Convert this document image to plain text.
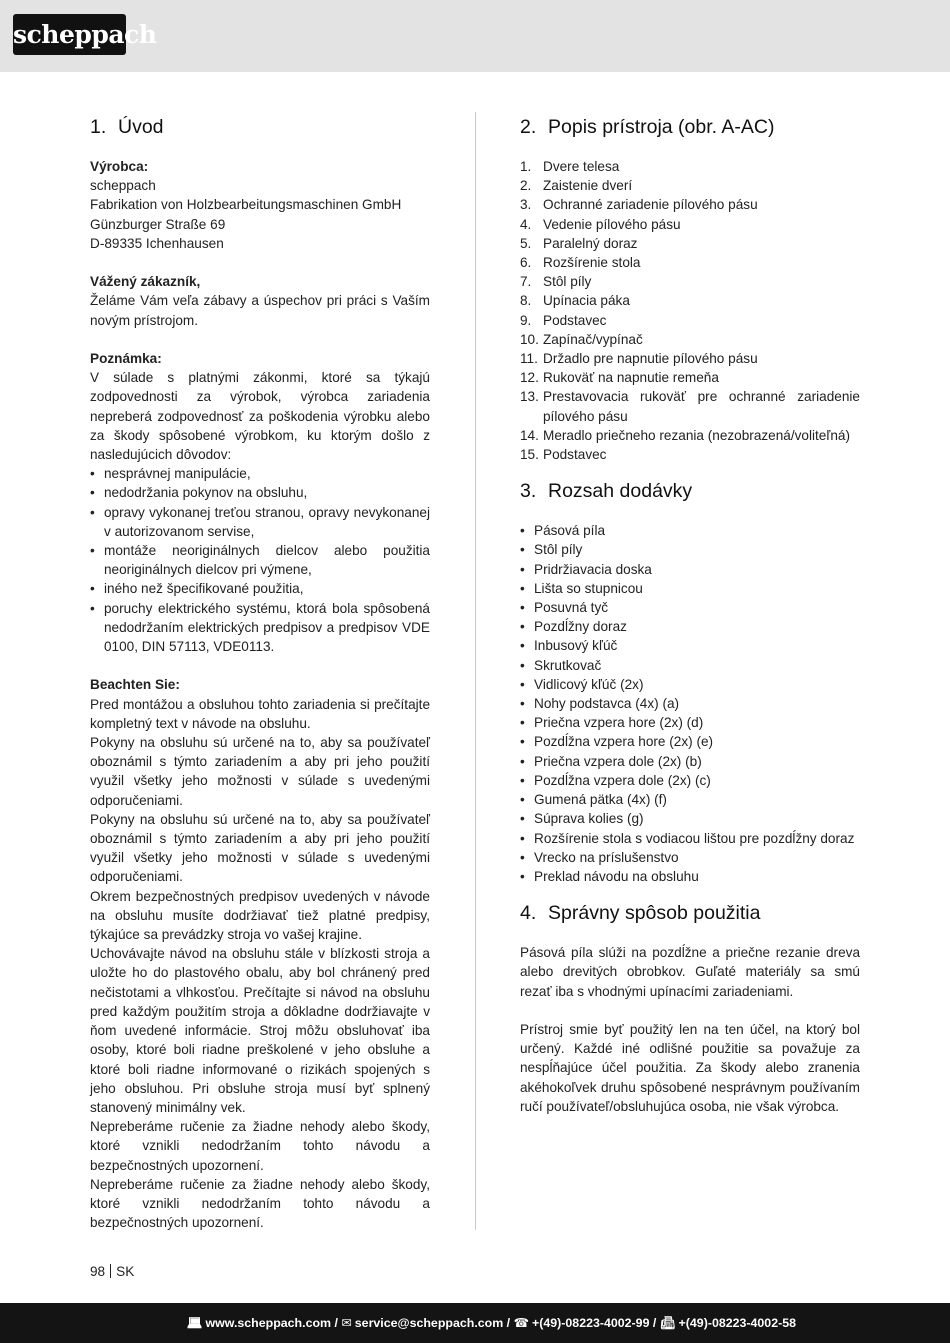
scheppach
1. Úvod

Výrobca:

scheppach

Fabrikation von Holzbearbeitungsmaschinen GmbH

Günzburger Straße 69

D-89335 Ichenhausen

Vážený zákazník,

Želáme Vám veľa zábavy a úspechov pri práci s Vaším novým prístrojom.

Poznámka:

V súlade s platnými zákonmi, ktoré sa týkajú zodpovednosti za výrobok, výrobca zariadenia nepreberá zodpovednosť za poškodenia výrobku alebo za škody spôsobené výrobkom, ku ktorým došlo z nasledujúcich dôvodov:

• nesprávnej manipulácie,
• nedodržania pokynov na obsluhu,
• opravy vykonanej treťou stranou, opravy nevykonanej v autorizovanom servise,
• montáže neoriginálnych dielcov alebo použitia neoriginálnych dielcov pri výmene,
• iného než špecifikované použitia,
• poruchy elektrického systému, ktorá bola spôsobená nedodržaním elektrických predpisov a predpisov VDE 0100, DIN 57113, VDE0113.

Beachten Sie:

Pred montážou a obsluhou tohto zariadenia si prečítajte kompletný text v návode na obsluhu.

Pokyny na obsluhu sú určené na to, aby sa používateľ oboznámil s týmto zariadením a aby pri jeho použití využil všetky jeho možnosti v súlade s uvedenými odporučeniami.

Pokyny na obsluhu sú určené na to, aby sa používateľ oboznámil s týmto zariadením a aby pri jeho použití využil všetky jeho možnosti v súlade s uvedenými odporučeniami.

Okrem bezpečnostných predpisov uvedených v návode na obsluhu musíte dodržiavať tiež platné predpisy, týkajúce sa prevádzky stroja vo vašej krajine.

Uchovávajte návod na obsluhu stále v blízkosti stroja a uložte ho do plastového obalu, aby bol chránený pred nečistotami a vlhkosťou. Prečítajte si návod na obsluhu pred každým použitím stroja a dôkladne dodržiavajte v ňom uvedené informácie. Stroj môžu obsluhovať iba osoby, ktoré boli riadne preškolené v jeho obsluhe a ktoré boli riadne informované o rizikách spojených s jeho obsluhou. Pri obsluhe stroja musí byť splnený stanovený minimálny vek.

Nepreberáme ručenie za žiadne nehody alebo škody, ktoré vznikli nedodržaním tohto návodu a bezpečnostných upozornení.

Nepreberáme ručenie za žiadne nehody alebo škody, ktoré vznikli nedodržaním tohto návodu a bezpečnostných upozornení.

2. Popis prístroja (obr. A-AC)
1. Dvere telesa
2. Zaistenie dverí
3. Ochranné zariadenie pílového pásu
4. Vedenie pílového pásu
5. Paralelný doraz
6. Rozšírenie stola
7. Stôl píly
8. Upínacia páka
9. Podstavec
10. Zapínač/vypínač
11. Držadlo pre napnutie pílového pásu
12. Rukoväť na napnutie remeňa
13. Prestavovacia rukoväť pre ochranné zariadenie pílového pásu
14. Meradlo priečneho rezania (nezobrazená/voliteľná)
15. Podstavec
3. Rozsah dodávky
• Pásová píla
• Stôl píly
• Pridržiavacia doska
• Lišta so stupnicou
• Posuvná tyč
• Pozdĺžny doraz
• Inbusový kľúč
• Skrutkovač
• Vidlicový kľúč (2x)
• Nohy podstavca (4x) (a)
• Priečna vzpera hore (2x) (d)
• Pozdĺžna vzpera hore (2x) (e)
• Priečna vzpera dole (2x) (b)
• Pozdĺžna vzpera dole (2x) (c)
• Gumená pätka (4x) (f)
• Súprava kolies (g)
• Rozšírenie stola s vodiacou lištou pre pozdĺžny doraz
• Vrecko na príslušenstvo
• Preklad návodu na obsluhu
4. Správny spôsob použitia

Pásová píla slúži na pozdĺžne a priečne rezanie dreva alebo drevitých obrobkov. Guľaté materiály sa smú rezať iba s vhodnými upínacími zariadeniami.

Prístroj smie byť použitý len na ten účel, na ktorý bol určený. Každé iné odlišné použitie sa považuje za nespĺňajúce účel použitia. Za škody alebo zranenia akéhokoľvek druhu spôsobené nesprávnym používaním ručí používateľ/obsluhujúca osoba, nie však výrobca.

98 SK
💻︎ www.scheppach.com / ✉ service@scheppach.com / ☎ +(49)-08223-4002-99 / 📠︎ +(49)-08223-4002-58
